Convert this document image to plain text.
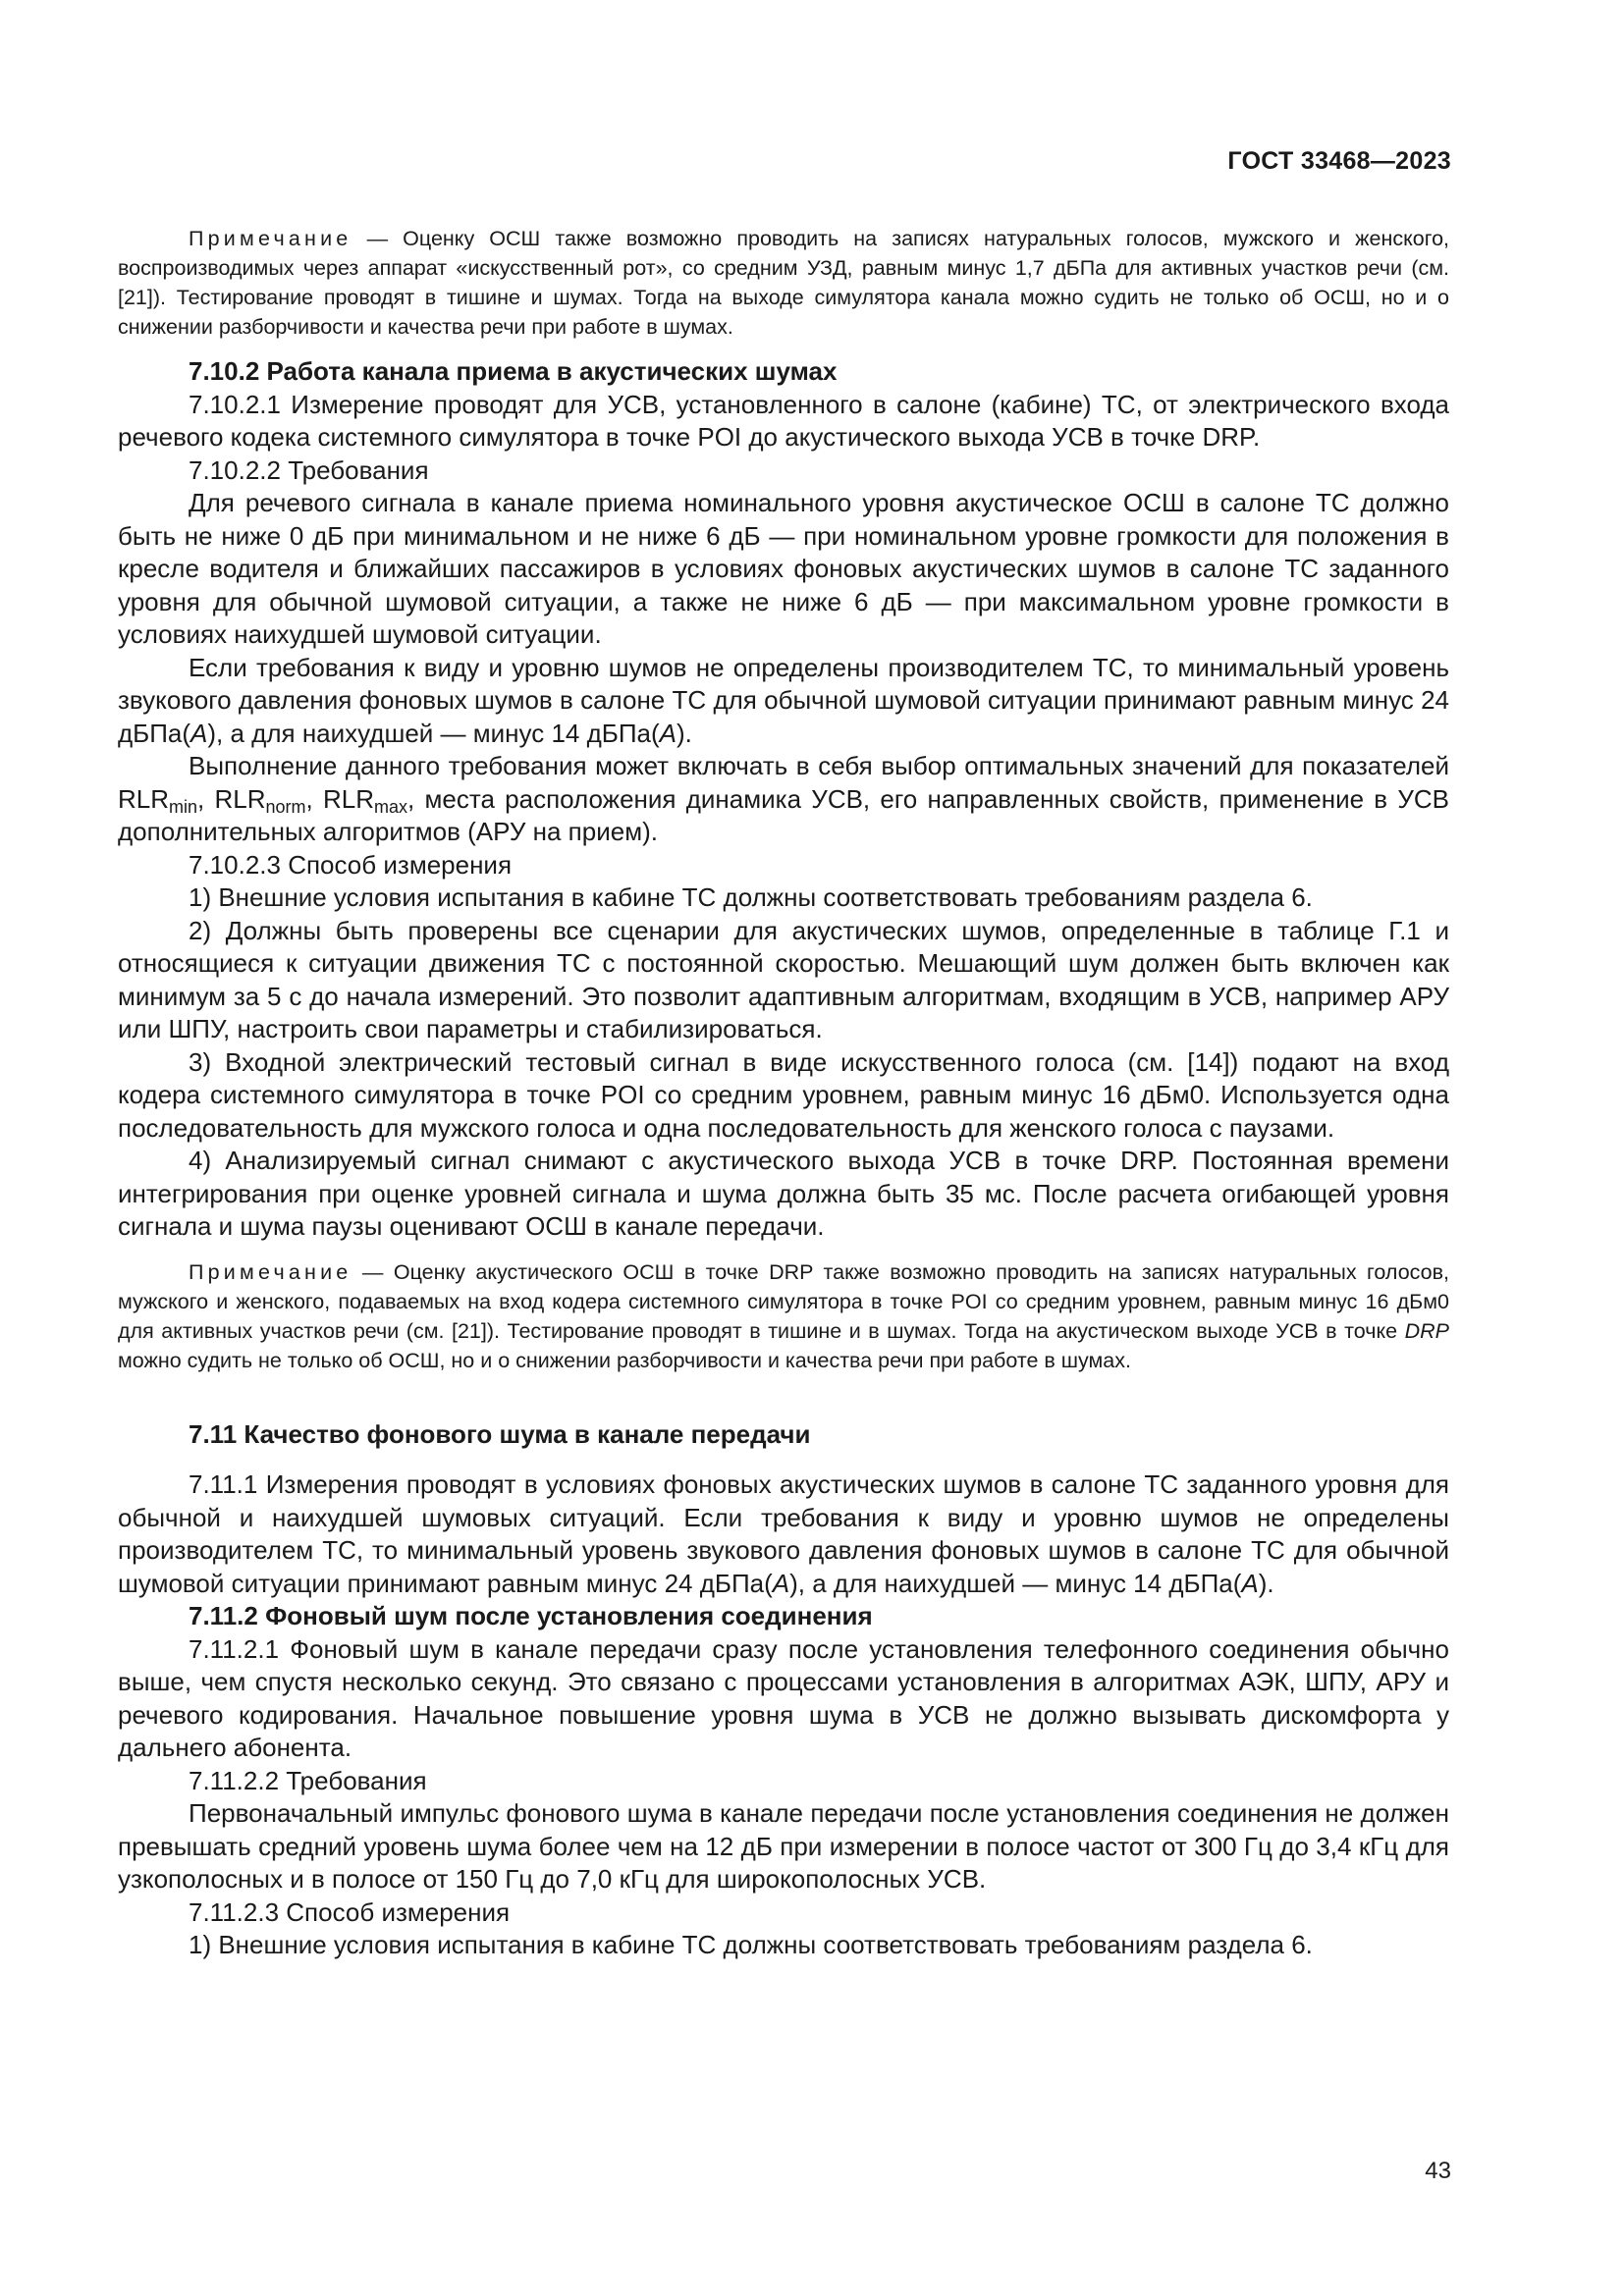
ГОСТ 33468—2023

Примечание — Оценку ОСШ также возможно проводить на записях натуральных голосов, мужского и женского, воспроизводимых через аппарат «искусственный рот», со средним УЗД, равным минус 1,7 дБПа для активных участков речи (см. [21]). Тестирование проводят в тишине и шумах. Тогда на выходе симулятора канала можно судить не только об ОСШ, но и о снижении разборчивости и качества речи при работе в шумах.

7.10.2 Работа канала приема в акустических шумах

7.10.2.1 Измерение проводят для УСВ, установленного в салоне (кабине) ТС, от электрического входа речевого кодека системного симулятора в точке POI до акустического выхода УСВ в точке DRP.

7.10.2.2 Требования

Для речевого сигнала в канале приема номинального уровня акустическое ОСШ в салоне ТС должно быть не ниже 0 дБ при минимальном и не ниже 6 дБ — при номинальном уровне громкости для положения в кресле водителя и ближайших пассажиров в условиях фоновых акустических шумов в салоне ТС заданного уровня для обычной шумовой ситуации, а также не ниже 6 дБ — при максимальном уровне громкости в условиях наихудшей шумовой ситуации.

Если требования к виду и уровню шумов не определены производителем ТС, то минимальный уровень звукового давления фоновых шумов в салоне ТС для обычной шумовой ситуации принимают равным минус 24 дБПа(A), а для наихудшей — минус 14 дБПа(A).

Выполнение данного требования может включать в себя выбор оптимальных значений для показателей $RLR_{min}$, $RLR_{norm}$, $RLR_{max}$, места расположения динамика УСВ, его направленных свойств, применение в УСВ дополнительных алгоритмов (АРУ на прием).

7.10.2.3 Способ измерения

1) Внешние условия испытания в кабине ТС должны соответствовать требованиям раздела 6.

2) Должны быть проверены все сценарии для акустических шумов, определенные в таблице Г.1 и относящиеся к ситуации движения ТС с постоянной скоростью. Мешающий шум должен быть включен как минимум за 5 с до начала измерений. Это позволит адаптивным алгоритмам, входящим в УСВ, например АРУ или ШПУ, настроить свои параметры и стабилизироваться.

3) Входной электрический тестовый сигнал в виде искусственного голоса (см. [14]) подают на вход кодера системного симулятора в точке POI со средним уровнем, равным минус 16 дБм0. Используется одна последовательность для мужского голоса и одна последовательность для женского голоса с паузами.

4) Анализируемый сигнал снимают с акустического выхода УСВ в точке DRP. Постоянная времени интегрирования при оценке уровней сигнала и шума должна быть 35 мс. После расчета огибающей уровня сигнала и шума паузы оценивают ОСШ в канале передачи.

Примечание — Оценку акустического ОСШ в точке DRP также возможно проводить на записях натуральных голосов, мужского и женского, подаваемых на вход кодера системного симулятора в точке POI со средним уровнем, равным минус 16 дБм0 для активных участков речи (см. [21]). Тестирование проводят в тишине и в шумах. Тогда на акустическом выходе УСВ в точке DRP можно судить не только об ОСШ, но и о снижении разборчивости и качества речи при работе в шумах.

7.11 Качество фонового шума в канале передачи

7.11.1 Измерения проводят в условиях фоновых акустических шумов в салоне ТС заданного уровня для обычной и наихудшей шумовых ситуаций. Если требования к виду и уровню шумов не определены производителем ТС, то минимальный уровень звукового давления фоновых шумов в салоне ТС для обычной шумовой ситуации принимают равным минус 24 дБПа(A), а для наихудшей — минус 14 дБПа(A).

7.11.2 Фоновый шум после установления соединения

7.11.2.1 Фоновый шум в канале передачи сразу после установления телефонного соединения обычно выше, чем спустя несколько секунд. Это связано с процессами установления в алгоритмах АЭК, ШПУ, АРУ и речевого кодирования. Начальное повышение уровня шума в УСВ не должно вызывать дискомфорта у дальнего абонента.

7.11.2.2 Требования

Первоначальный импульс фонового шума в канале передачи после установления соединения не должен превышать средний уровень шума более чем на 12 дБ при измерении в полосе частот от 300 Гц до 3,4 кГц для узкополосных и в полосе от 150 Гц до 7,0 кГц для широкополосных УСВ.

7.11.2.3 Способ измерения

1) Внешние условия испытания в кабине ТС должны соответствовать требованиям раздела 6.

43
